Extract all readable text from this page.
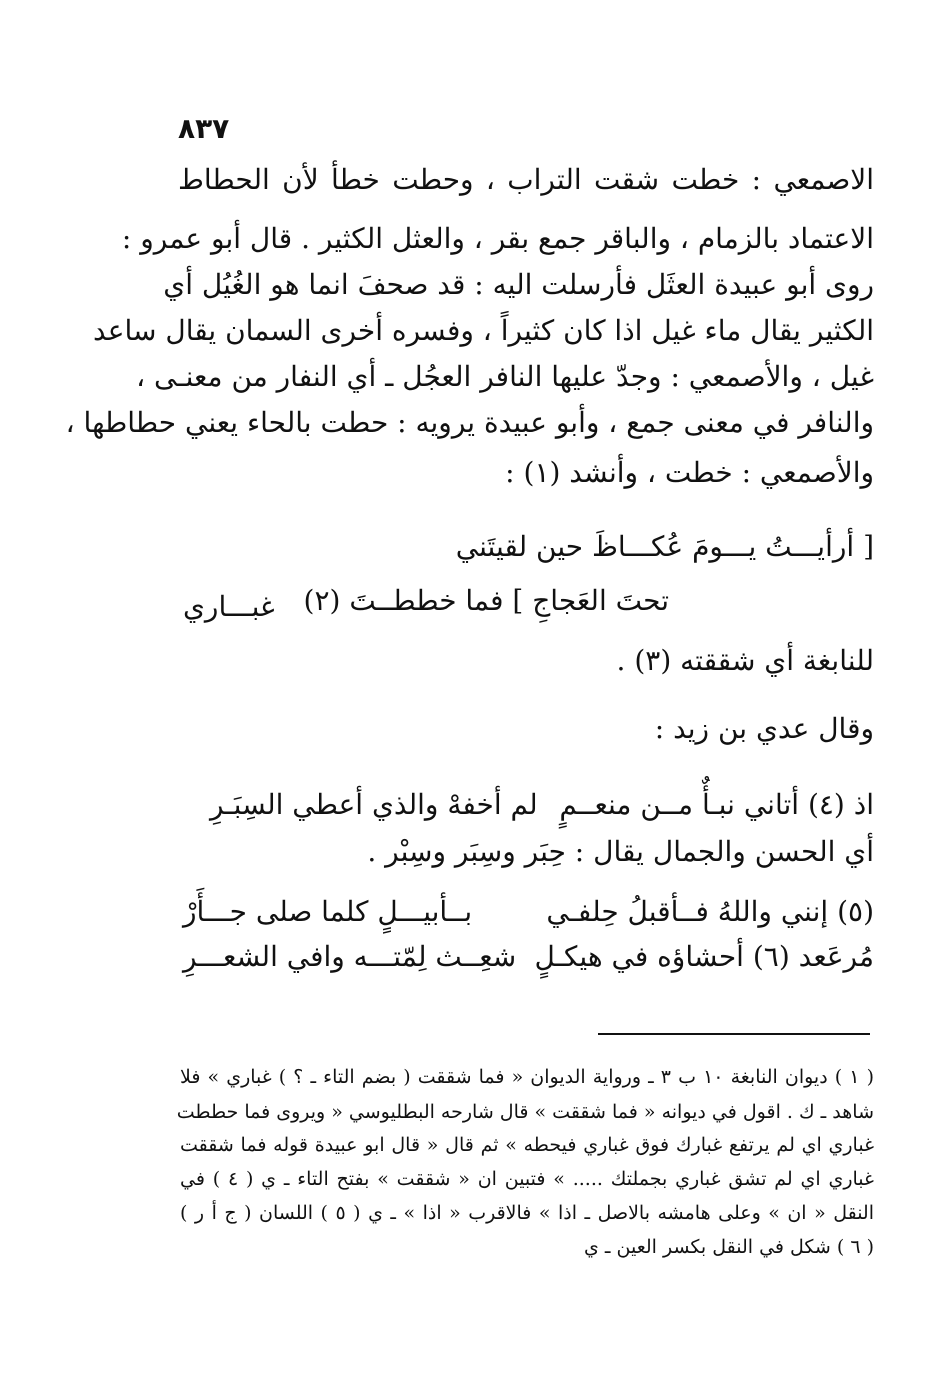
٨٣٧
الاصمعي : خطت شقت التراب ، وحطت خطأ لأن الحطاط
الاعتماد بالزمام ، والباقر جمع بقر ، والعثل الكثير . قال أبو عمرو :
روى أبو عبيدة العثَل فأرسلت اليه : قد صحفَ انما هو الغُيُل أي
الكثير يقال ماء غيل اذا كان كثيراً ، وفسره أخرى السمان يقال ساعد
غيل ، والأصمعي : وجدّ عليها النافر العجُل ـ أي النفار من معنـى ،
والنافر في معنى جمع ، وأبو عبيدة يرويه : حطت بالحاء يعني حطاطها ،
والأصمعي : خطت ، وأنشد (١) :
[ أرأيـــتُ يـــومَ عُكـــاظَ حين لقيتَني
تحتَ العَجاجِ ] فما خططــتَ (٢)
غبـــاري
للنابغة أي شققته (٣) .
وقال عدي بن زيد :
اذ (٤) أتاني نبـأٌ مــن منعــمٍ
لم أخفهْ والذي أعطي السِبَـرِ
أي الحسن والجمال يقال : حِبَر وسِبَر وسِبْر .
(٥) إنني واللهُ فــأقبلُ حِلفـي
بــأبيـــلٍ كلما صلى جـــأَرْ
مُرعَعد (٦) أحشاؤه في هيكـلٍ
شعِــث لِمّتـــه وافي الشعـــرِ
( ١ ) ديوان النابغة ١٠ ب ٣ ـ ورواية الديوان « فما شققت ( بضم التاء ـ ؟ ) غباري » فلا
شاهد ـ ك . اقول في ديوانه « فما شققت » قال شارحه البطليوسي « ويروى فما حططت
غباري اي لم يرتفع غبارك فوق غباري فيحطه » ثم قال « قال ابو عبيدة قوله فما شققت
غباري اي لم تشق غباري بجملتك ..... » فتبين ان « شققت » بفتح التاء ـ ي ( ٤ ) في
النقل « ان » وعلى هامشه بالاصل ـ اذا » فالاقرب « اذا » ـ ي ( ٥ ) اللسان ( ج أ ر )
( ٦ ) شكل في النقل بكسر العين ـ ي
